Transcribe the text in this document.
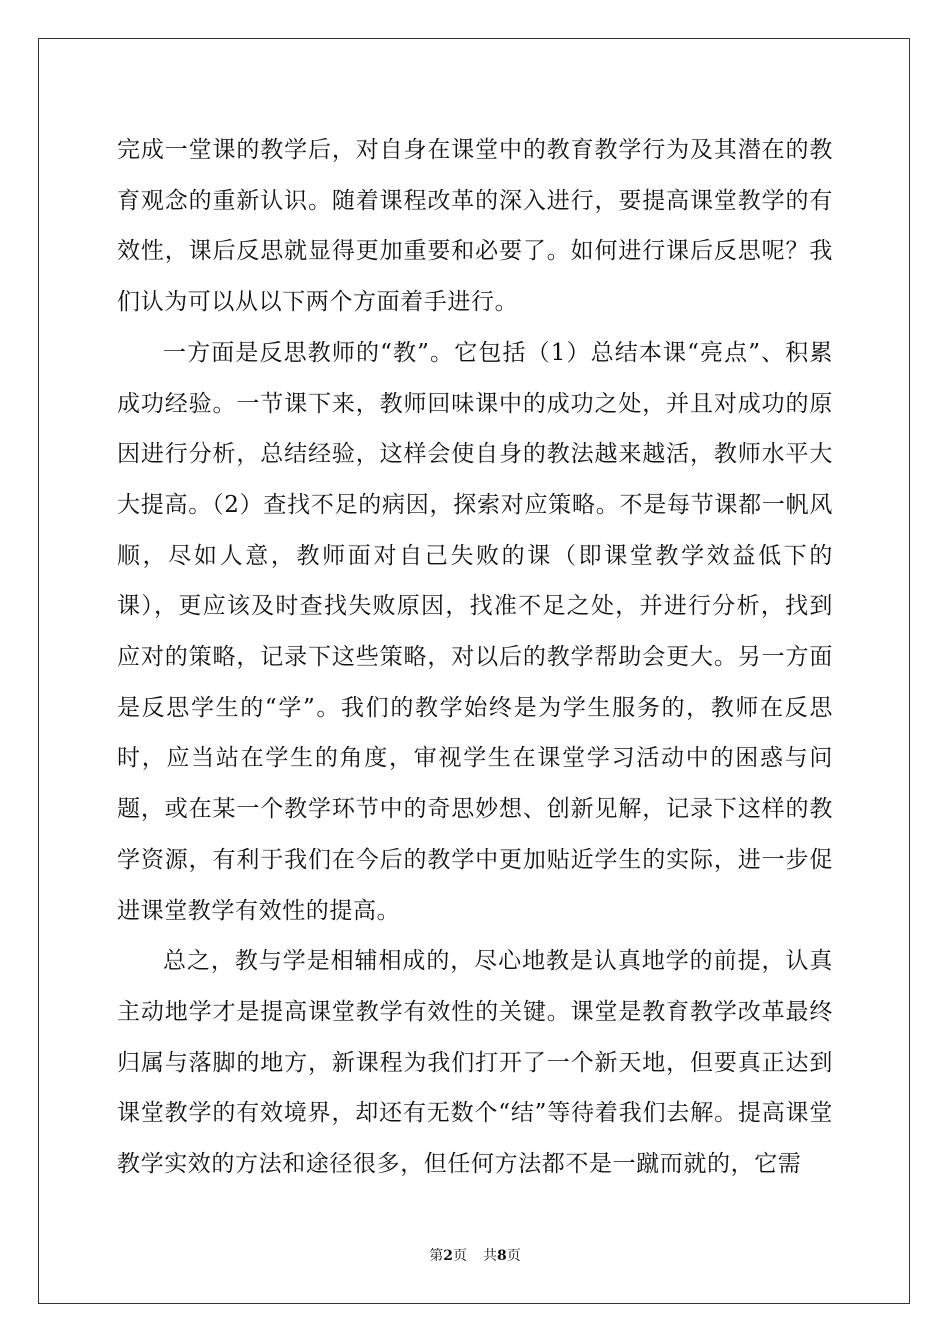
完成一堂课的教学后，对自身在课堂中的教育教学行为及其潜在的教育观念的重新认识。随着课程改革的深入进行，要提高课堂教学的有效性，课后反思就显得更加重要和必要了。如何进行课后反思呢？我们认为可以从以下两个方面着手进行。

一方面是反思教师的“教”。它包括（1）总结本课“亮点”、积累成功经验。一节课下来，教师回味课中的成功之处，并且对成功的原因进行分析，总结经验，这样会使自身的教法越来越活，教师水平大大提高。（2）查找不足的病因，探索对应策略。不是每节课都一帆风顺，尽如人意，教师面对自己失败的课（即课堂教学效益低下的课），更应该及时查找失败原因，找准不足之处，并进行分析，找到应对的策略，记录下这些策略，对以后的教学帮助会更大。另一方面是反思学生的“学”。我们的教学始终是为学生服务的，教师在反思时，应当站在学生的角度，审视学生在课堂学习活动中的困惑与问题，或在某一个教学环节中的奇思妙想、创新见解，记录下这样的教学资源，有利于我们在今后的教学中更加贴近学生的实际，进一步促进课堂教学有效性的提高。

总之，教与学是相辅相成的，尽心地教是认真地学的前提，认真主动地学才是提高课堂教学有效性的关键。课堂是教育教学改革最终归属与落脚的地方，新课程为我们打开了一个新天地，但要真正达到课堂教学的有效境界，却还有无数个“结”等待着我们去解。提高课堂教学实效的方法和途径很多，但任何方法都不是一蹴而就的，它需

第2页 共8页
